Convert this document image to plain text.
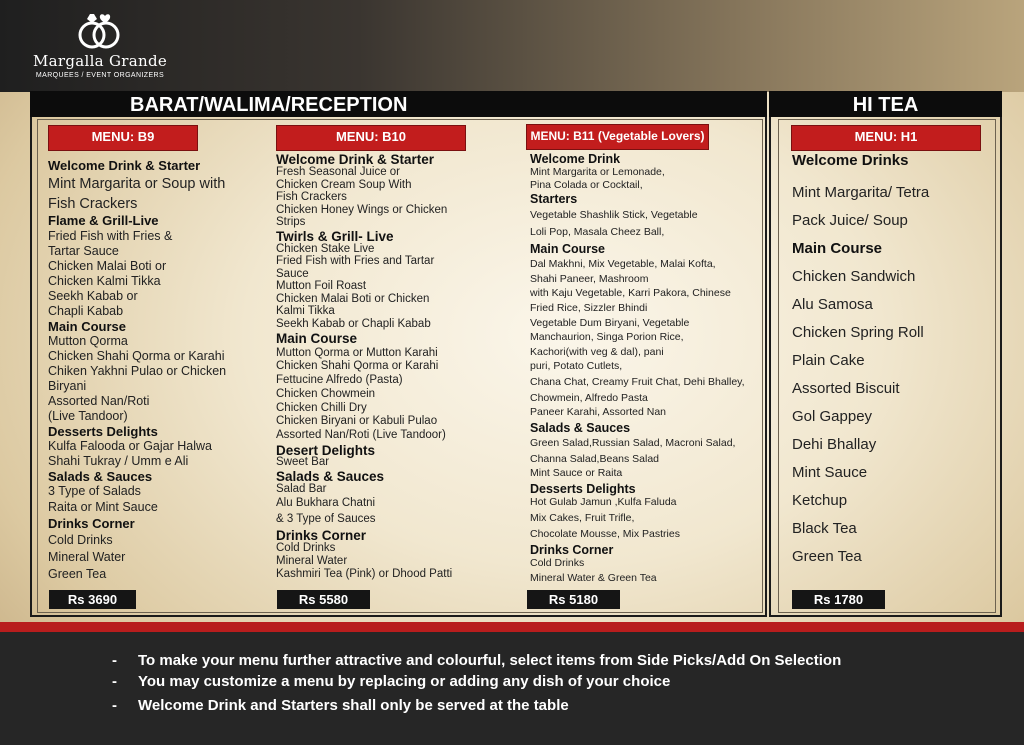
Margalla Grande
MARQUEES / EVENT ORGANIZERS
BARAT/WALIMA/RECEPTION	HI TEA
MENU: B9	MENU: B10	MENU: B11 (Vegetable Lovers)	MENU: H1
Welcome Drink & Starter
Mint Margarita or Soup with
Fish Crackers
Flame & Grill-Live
Fried Fish with Fries &
Tartar Sauce
Chicken Malai Boti or
Chicken Kalmi Tikka
Seekh Kabab or
Chapli Kabab
Main Course
Mutton Qorma
Chicken Shahi Qorma or Karahi
Chiken Yakhni Pulao or Chicken
Biryani
Assorted Nan/Roti
(Live Tandoor)
Desserts Delights
Kulfa Falooda or Gajar Halwa
Shahi Tukray / Umm e Ali
Salads & Sauces
3 Type of Salads
Raita or Mint Sauce
Drinks Corner
Cold Drinks
Mineral Water
Green Tea
Welcome Drink & Starter
Fresh Seasonal Juice or
Chicken Cream Soup With
Fish Crackers
Chicken Honey Wings or Chicken
Strips
Twirls & Grill- Live
Chicken Stake Live
Fried Fish with Fries and Tartar
Sauce
Mutton Foil Roast
Chicken Malai Boti or Chicken
Kalmi Tikka
Seekh Kabab or Chapli Kabab
Main Course
Mutton Qorma or Mutton Karahi
Chicken Shahi Qorma or Karahi
Fettucine Alfredo (Pasta)
Chicken Chowmein
Chicken Chilli Dry
Chicken Biryani or Kabuli Pulao
Assorted Nan/Roti (Live Tandoor)
Desert Delights
Sweet Bar
Salads & Sauces
Salad Bar
Alu Bukhara Chatni
& 3 Type of Sauces
Drinks Corner
Cold Drinks
Mineral Water
Kashmiri Tea (Pink) or Dhood Patti
Welcome Drink
Mint Margarita or Lemonade,
Pina Colada or Cocktail,
Starters
Vegetable Shashlik Stick, Vegetable
Loli Pop, Masala Cheez Ball,
Main Course
Dal Makhni, Mix Vegetable, Malai Kofta,
Shahi Paneer, Mashroom
with Kaju Vegetable, Karri Pakora, Chinese
Fried Rice, Sizzler Bhindi
Vegetable Dum Biryani, Vegetable
Manchaurion, Singa Porion Rice,
Kachori(with veg & dal), pani
puri, Potato Cutlets,
Chana Chat, Creamy Fruit Chat, Dehi Bhalley,
Chowmein, Alfredo Pasta
Paneer Karahi, Assorted Nan
Salads & Sauces
Green Salad,Russian Salad, Macroni Salad,
Channa Salad,Beans Salad
Mint Sauce or Raita
Desserts Delights
Hot Gulab Jamun ,Kulfa Faluda
Mix Cakes, Fruit Trifle,
Chocolate Mousse, Mix Pastries
Drinks Corner
Cold Drinks
Mineral Water & Green Tea
Welcome Drinks
Mint Margarita/ Tetra
Pack Juice/ Soup
Main Course
Chicken Sandwich
Alu Samosa
Chicken Spring Roll
Plain Cake
Assorted Biscuit
Gol Gappey
Dehi Bhallay
Mint Sauce
Ketchup
Black Tea
Green Tea
Rs 3690	Rs 5580	Rs 5180	Rs 1780
- To make your menu further attractive and colourful, select items from Side Picks/Add On Selection
- You may customize a menu by replacing or adding any dish of your choice
- Welcome Drink and Starters shall only be served at the table
